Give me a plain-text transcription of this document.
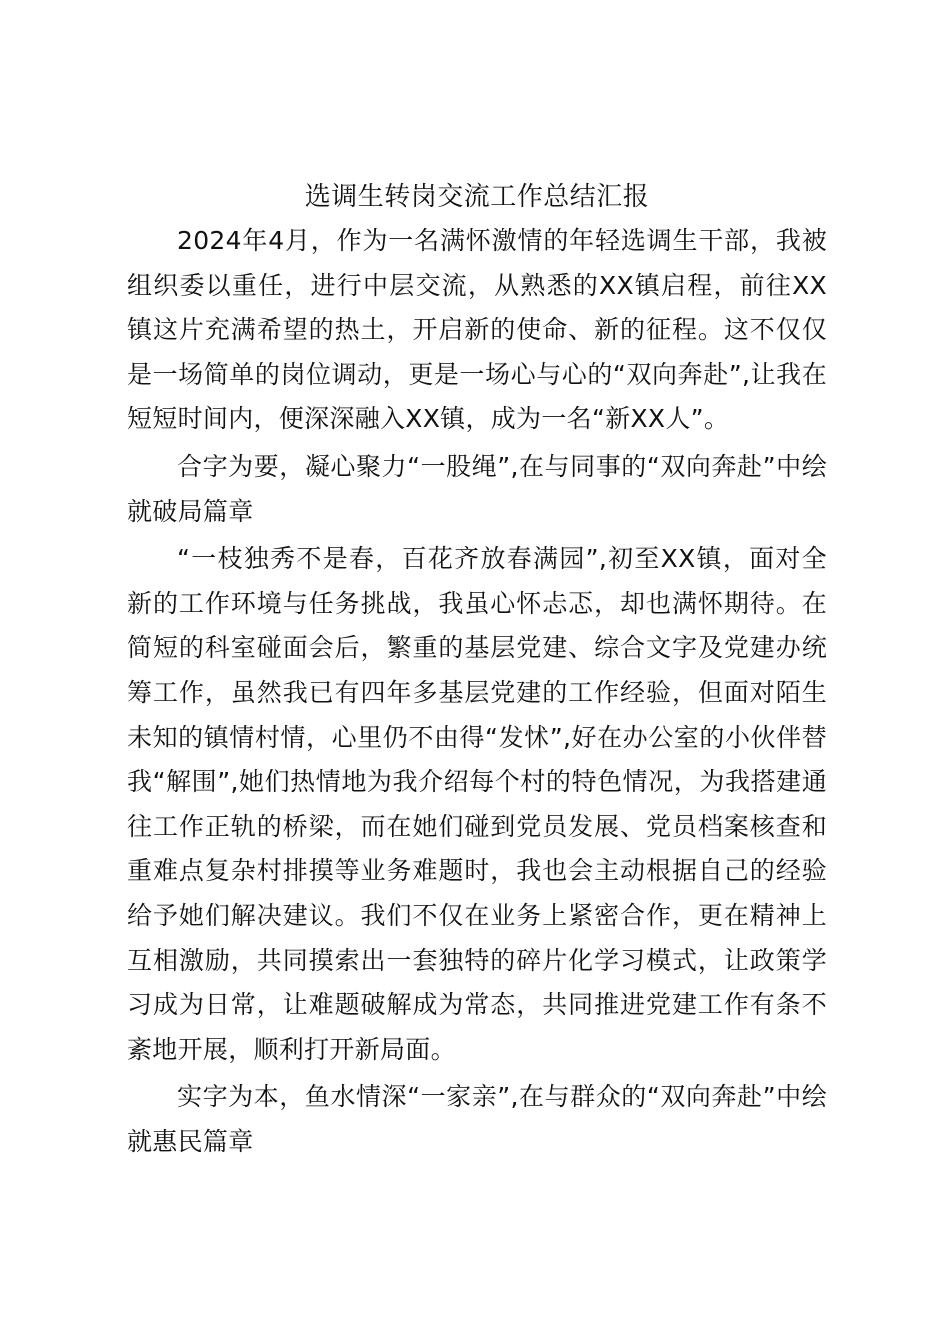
选调生转岗交流工作总结汇报

2024年4月，作为一名满怀激情的年轻选调生干部，我被组织委以重任，进行中层交流，从熟悉的XX镇启程，前往XX镇这片充满希望的热土，开启新的使命、新的征程。这不仅仅是一场简单的岗位调动，更是一场心与心的“双向奔赴”,让我在短短时间内，便深深融入XX镇，成为一名“新XX人”。

合字为要，凝心聚力“一股绳”,在与同事的“双向奔赴”中绘就破局篇章

“一枝独秀不是春，百花齐放春满园”,初至XX镇，面对全新的工作环境与任务挑战，我虽心怀忐忑，却也满怀期待。在简短的科室碰面会后，繁重的基层党建、综合文字及党建办统筹工作，虽然我已有四年多基层党建的工作经验，但面对陌生未知的镇情村情，心里仍不由得“发怵”,好在办公室的小伙伴替我“解围”,她们热情地为我介绍每个村的特色情况，为我搭建通往工作正轨的桥梁，而在她们碰到党员发展、党员档案核查和重难点复杂村排摸等业务难题时，我也会主动根据自己的经验给予她们解决建议。我们不仅在业务上紧密合作，更在精神上互相激励，共同摸索出一套独特的碎片化学习模式，让政策学习成为日常，让难题破解成为常态，共同推进党建工作有条不紊地开展，顺利打开新局面。

实字为本，鱼水情深“一家亲”,在与群众的“双向奔赴”中绘就惠民篇章
